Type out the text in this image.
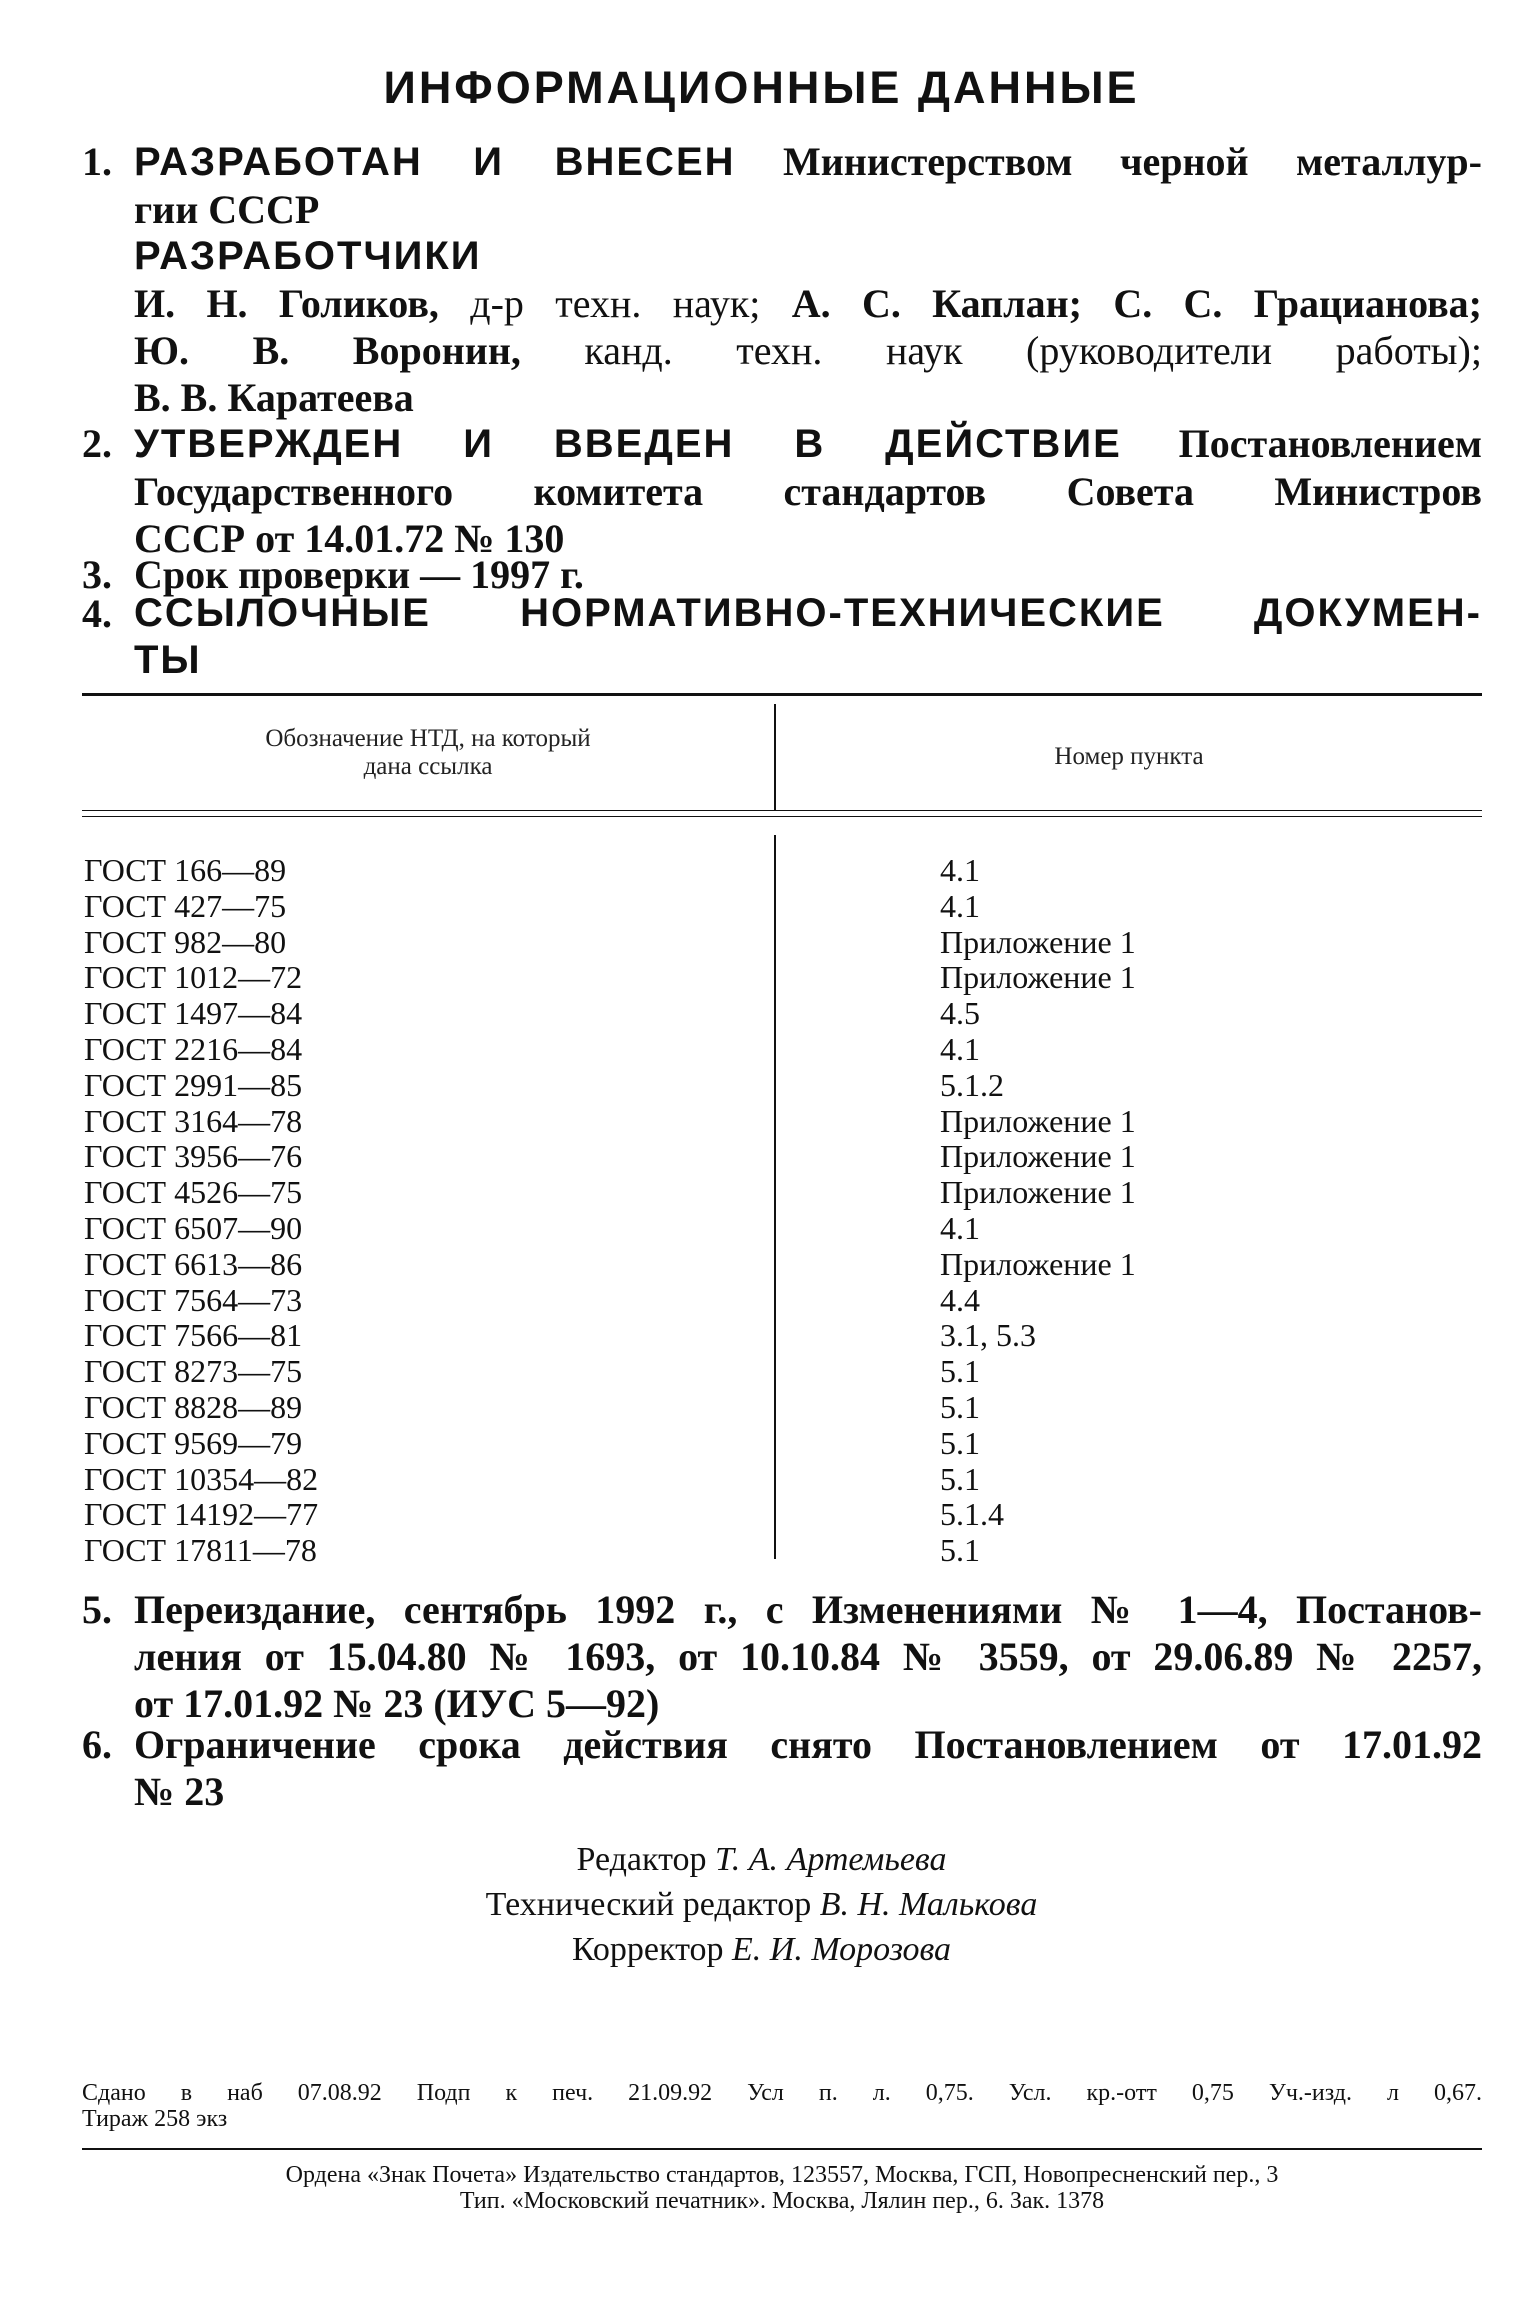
ИНФОРМАЦИОННЫЕ ДАННЫЕ
1. РАЗРАБОТАН И ВНЕСЕН Министерством черной металлур-
гии СССР
РАЗРАБОТЧИКИ
И. Н. Голиков, д-р техн. наук; А. С. Каплан; С. С. Грацианова;
Ю. В. Воронин, канд. техн. наук (руководители работы);
В. В. Каратеева
2. УТВЕРЖДЕН И ВВЕДЕН В ДЕЙСТВИЕ Постановлением
Государственного комитета стандартов Совета Министров
СССР от 14.01.72 № 130
3. Срок проверки — 1997 г.
4. ССЫЛОЧНЫЕ НОРМАТИВНО-ТЕХНИЧЕСКИЕ ДОКУМЕН-
ТЫ
Обозначение НТД, на который
дана ссылка	Номер пункта
ГОСТ 166—89	4.1
ГОСТ 427—75	4.1
ГОСТ 982—80	Приложение 1
ГОСТ 1012—72	Приложение 1
ГОСТ 1497—84	4.5
ГОСТ 2216—84	4.1
ГОСТ 2991—85	5.1.2
ГОСТ 3164—78	Приложение 1
ГОСТ 3956—76	Приложение 1
ГОСТ 4526—75	Приложение 1
ГОСТ 6507—90	4.1
ГОСТ 6613—86	Приложение 1
ГОСТ 7564—73	4.4
ГОСТ 7566—81	3.1, 5.3
ГОСТ 8273—75	5.1
ГОСТ 8828—89	5.1
ГОСТ 9569—79	5.1
ГОСТ 10354—82	5.1
ГОСТ 14192—77	5.1.4
ГОСТ 17811—78	5.1
5. Переиздание, сентябрь 1992 г., с Изменениями № 1—4, Постанов-
ления от 15.04.80 № 1693, от 10.10.84 № 3559, от 29.06.89 № 2257,
от 17.01.92 № 23 (ИУС 5—92)
6. Ограничение срока действия снято Постановлением от 17.01.92
№ 23
Редактор Т. А. Артемьева
Технический редактор В. Н. Малькова
Корректор Е. И. Морозова
Сдано в наб 07.08.92 Подп к печ. 21.09.92 Усл п. л. 0,75. Усл. кр.-отт 0,75 Уч.-изд. л 0,67.
Тираж 258 экз
Ордена «Знак Почета» Издательство стандартов, 123557, Москва, ГСП, Новопресненский пер., 3
Тип. «Московский печатник». Москва, Лялин пер., 6. Зак. 1378
